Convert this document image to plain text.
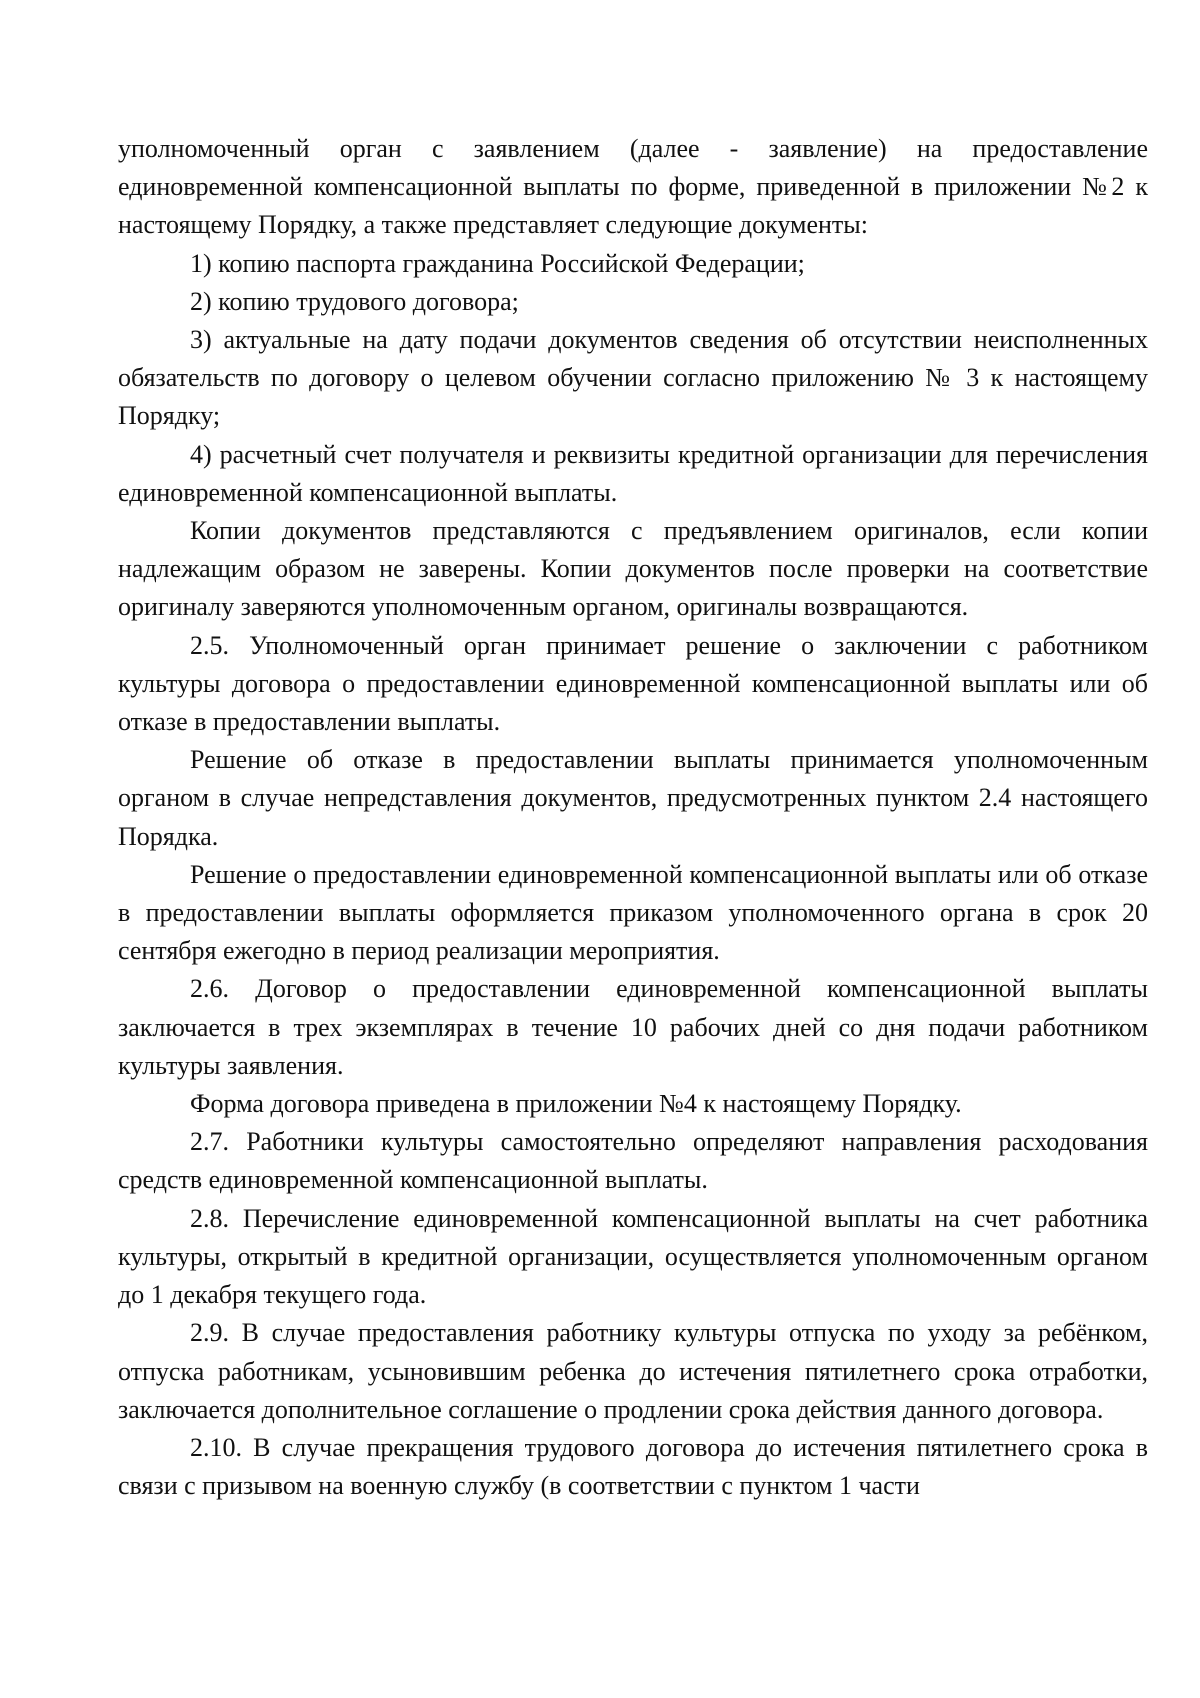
уполномоченный орган с заявлением (далее - заявление) на предоставление единовременной компенсационной выплаты по форме, приведенной в приложении №2 к настоящему Порядку, а также представляет следующие документы:

1) копию паспорта гражданина Российской Федерации;

2) копию трудового договора;

3) актуальные на дату подачи документов сведения об отсутствии неисполненных обязательств по договору о целевом обучении согласно приложению № 3 к настоящему Порядку;

4) расчетный счет получателя и реквизиты кредитной организации для перечисления единовременной компенсационной выплаты.

Копии документов представляются с предъявлением оригиналов, если копии надлежащим образом не заверены. Копии документов после проверки на соответствие оригиналу заверяются уполномоченным органом, оригиналы возвращаются.

2.5. Уполномоченный орган принимает решение о заключении с работником культуры договора о предоставлении единовременной компенсационной выплаты или об отказе в предоставлении выплаты.

Решение об отказе в предоставлении выплаты принимается уполномоченным органом в случае непредставления документов, предусмотренных пунктом 2.4 настоящего Порядка.

Решение о предоставлении единовременной компенсационной выплаты или об отказе в предоставлении выплаты оформляется приказом уполномоченного органа в срок 20 сентября ежегодно в период реализации мероприятия.

2.6. Договор о предоставлении единовременной компенсационной выплаты заключается в трех экземплярах в течение 10 рабочих дней со дня подачи работником культуры заявления.

Форма договора приведена в приложении №4 к настоящему Порядку.

2.7. Работники культуры самостоятельно определяют направления расходования средств единовременной компенсационной выплаты.

2.8. Перечисление единовременной компенсационной выплаты на счет работника культуры, открытый в кредитной организации, осуществляется уполномоченным органом до 1 декабря текущего года.

2.9. В случае предоставления работнику культуры отпуска по уходу за ребёнком, отпуска работникам, усыновившим ребенка до истечения пятилетнего срока отработки, заключается дополнительное соглашение о продлении срока действия данного договора.

2.10. В случае прекращения трудового договора до истечения пятилетнего срока в связи с призывом на военную службу (в соответствии с пунктом 1 части
